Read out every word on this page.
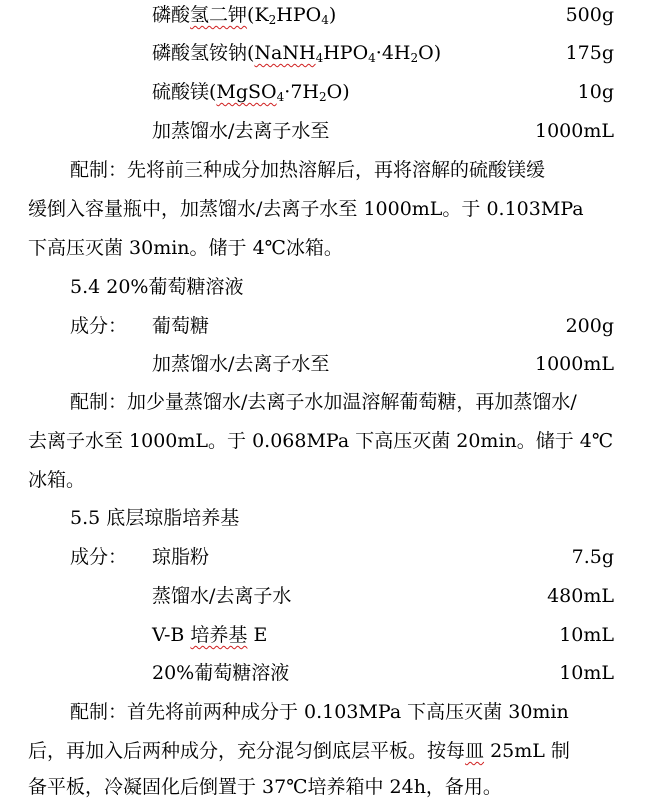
磷酸氢二钾$(K_2HPO_4)$	500g
磷酸氢铵钠$(NaNH_4HPO_4\cdot 4H_2O)$	175g
硫酸镁$(MgSO_4\cdot 7H_2O)$	10g
加蒸馏水/去离子水至	1000mL
配制：先将前三种成分加热溶解后，再将溶解的硫酸镁缓
缓倒入容量瓶中，加蒸馏水/去离子水至 1000mL。于 0.103MPa
下高压灭菌 30min。储于 4℃冰箱。
5.4 20%葡萄糖溶液
成分： 葡萄糖	200g
加蒸馏水/去离子水至	1000mL
配制：加少量蒸馏水/去离子水加温溶解葡萄糖，再加蒸馏水/
去离子水至 1000mL。于 0.068MPa 下高压灭菌 20min。储于 4℃
冰箱。
5.5 底层琼脂培养基
成分： 琼脂粉	7.5g
蒸馏水/去离子水	480mL
V-B 培养基 E	10mL
20%葡萄糖溶液	10mL
配制：首先将前两种成分于 0.103MPa 下高压灭菌 30min
后，再加入后两种成分，充分混匀倒底层平板。按每皿 25mL 制
备平板，冷凝固化后倒置于 37℃培养箱中 24h，备用。
